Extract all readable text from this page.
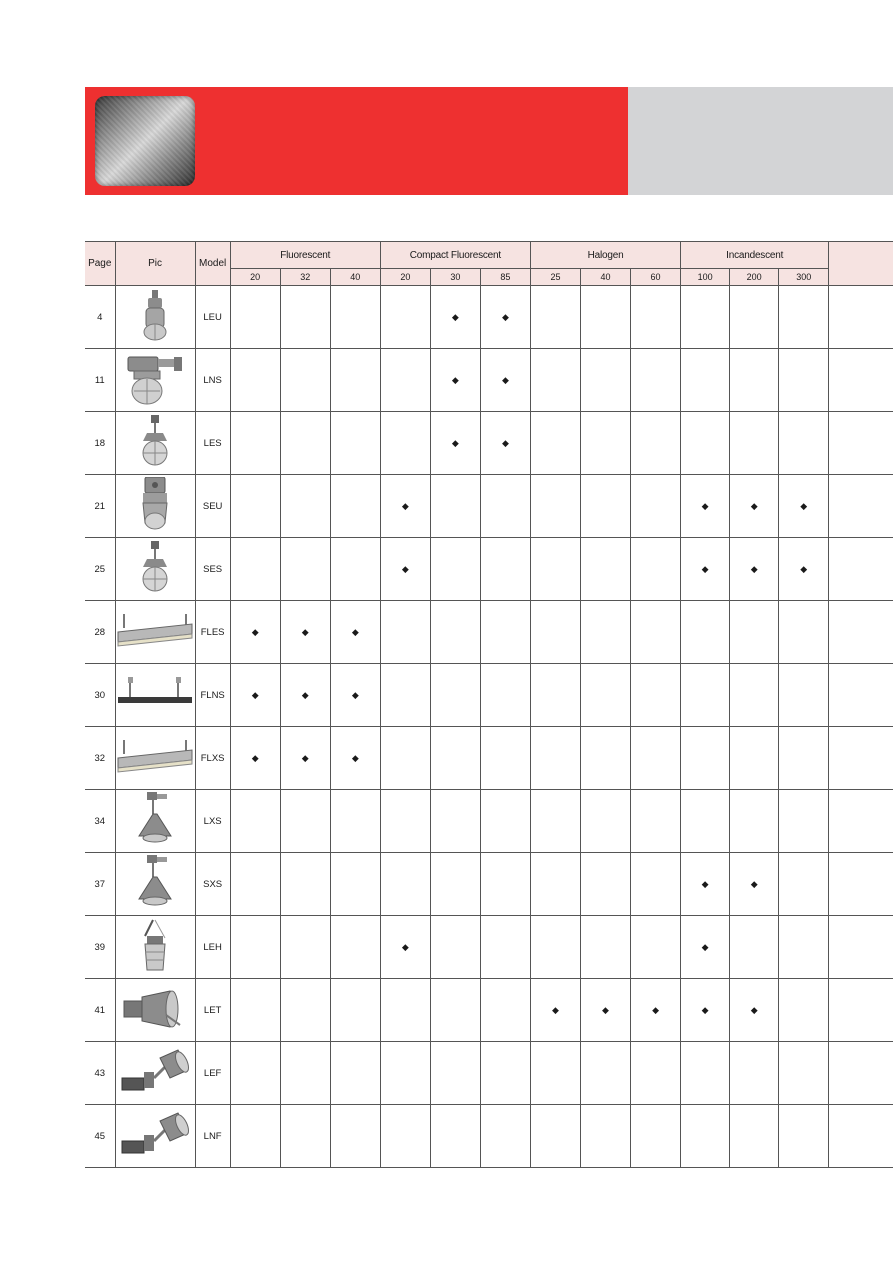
Page	Pic	Model	Fluorescent			Compact Fluorescent			Halogen			Incandescent			
			20	32	40	20	30	85	25	40	60	100	200	300	
4		LEU					◆	◆							
11		LNS					◆	◆							
18		LES					◆	◆							
21		SEU				◆						◆	◆	◆	
25		SES				◆						◆	◆	◆	
28		FLES	◆	◆	◆										
30		FLNS	◆	◆	◆										
32		FLXS	◆	◆	◆										
34		LXS													
37		SXS										◆	◆		
39		LEH				◆						◆			
41		LET							◆	◆	◆	◆	◆		
43		LEF													
45		LNF													
